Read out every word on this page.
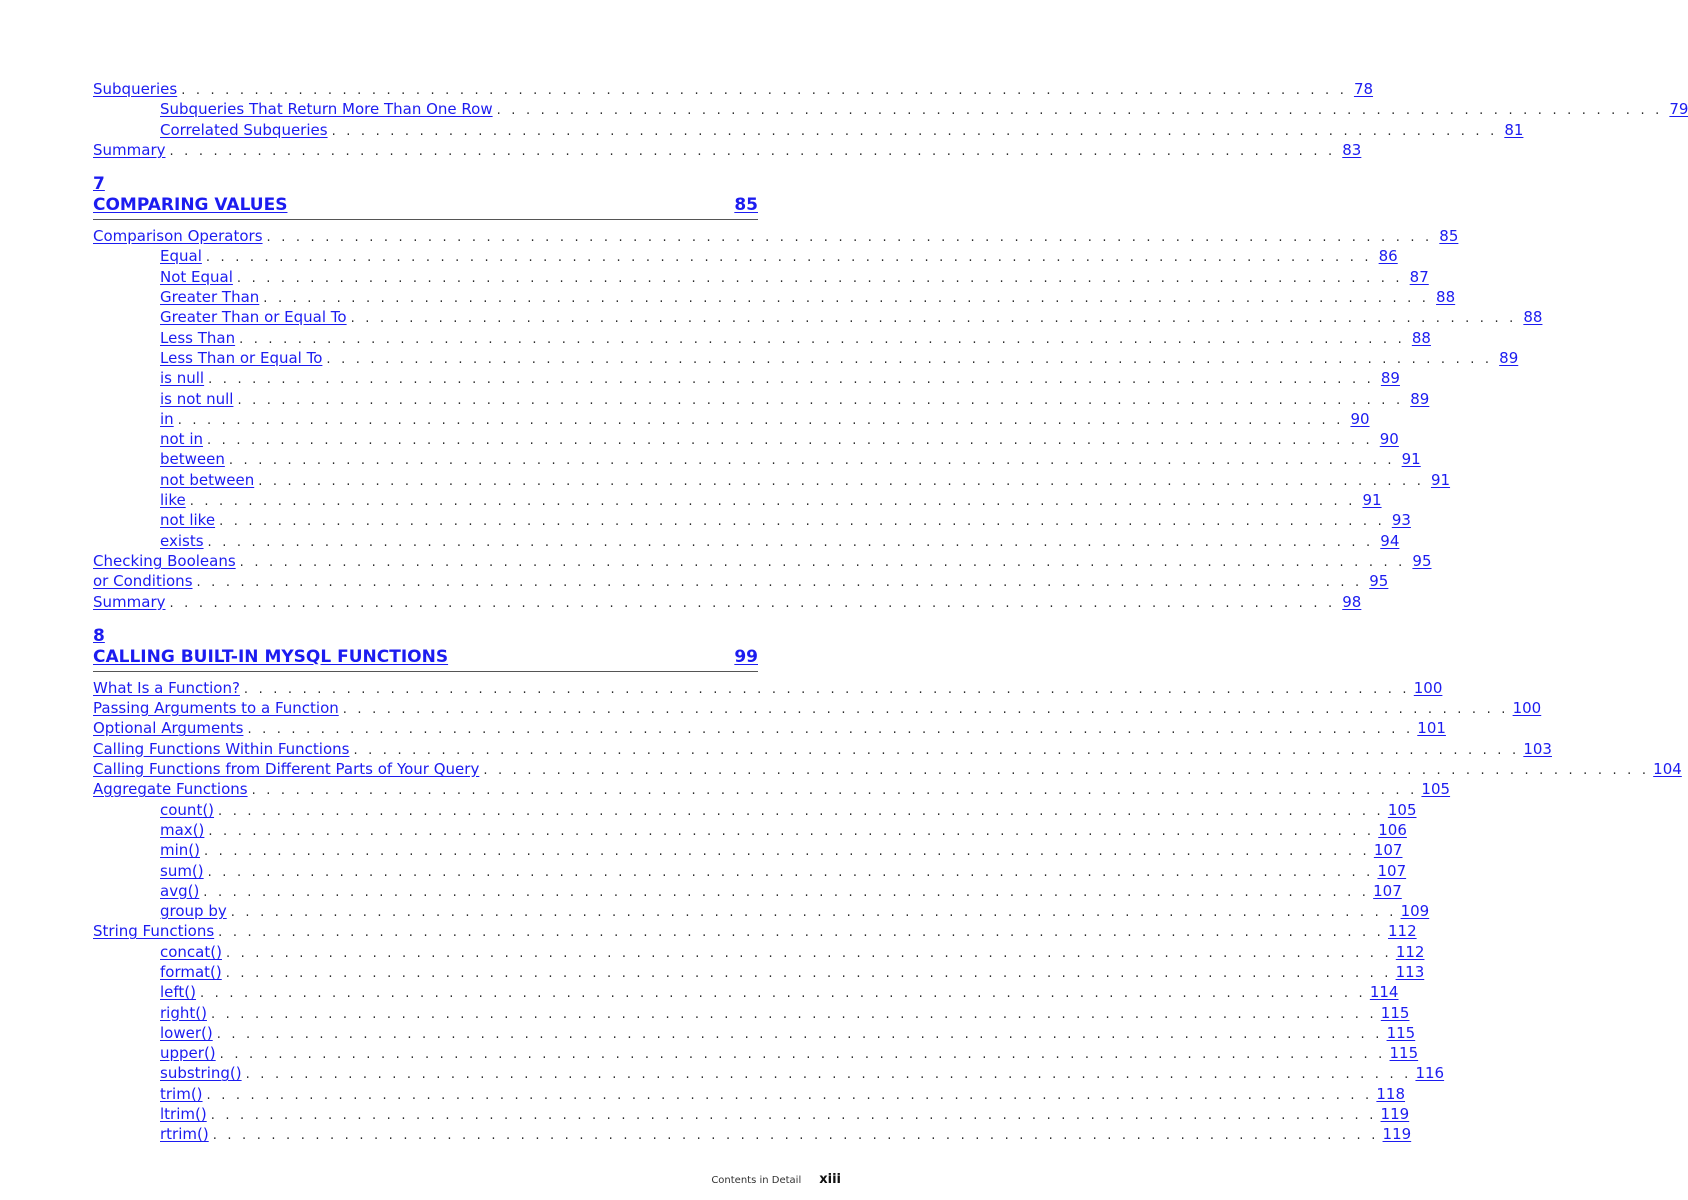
Subqueries . . . . . . . . . . . . . . . . . . . . . . . . . . . . . . . . . . . . . . . . . . . . . . . . . . . . . . . . . . . . . . . . . . . . . . . . . . . . . . . . 78
Subqueries That Return More Than One Row . . . . . . . . . . . . . . . . . . . . . . . . . . . . . . . . . . . . . . . . . . . . . . . . . . . . . . . . . . . . . . . . . . . . . . . . . . . . . . . . 79
Correlated Subqueries . . . . . . . . . . . . . . . . . . . . . . . . . . . . . . . . . . . . . . . . . . . . . . . . . . . . . . . . . . . . . . . . . . . . . . . . . . . . . . . . 81
Summary . . . . . . . . . . . . . . . . . . . . . . . . . . . . . . . . . . . . . . . . . . . . . . . . . . . . . . . . . . . . . . . . . . . . . . . . . . . . . . . . 83
7
COMPARING VALUES	85
Comparison Operators . . . . . . . . . . . . . . . . . . . . . . . . . . . . . . . . . . . . . . . . . . . . . . . . . . . . . . . . . . . . . . . . . . . . . . . . . . . . . . . . 85
Equal . . . . . . . . . . . . . . . . . . . . . . . . . . . . . . . . . . . . . . . . . . . . . . . . . . . . . . . . . . . . . . . . . . . . . . . . . . . . . . . . 86
Not Equal . . . . . . . . . . . . . . . . . . . . . . . . . . . . . . . . . . . . . . . . . . . . . . . . . . . . . . . . . . . . . . . . . . . . . . . . . . . . . . . . 87
Greater Than . . . . . . . . . . . . . . . . . . . . . . . . . . . . . . . . . . . . . . . . . . . . . . . . . . . . . . . . . . . . . . . . . . . . . . . . . . . . . . . . 88
Greater Than or Equal To . . . . . . . . . . . . . . . . . . . . . . . . . . . . . . . . . . . . . . . . . . . . . . . . . . . . . . . . . . . . . . . . . . . . . . . . . . . . . . . . 88
Less Than . . . . . . . . . . . . . . . . . . . . . . . . . . . . . . . . . . . . . . . . . . . . . . . . . . . . . . . . . . . . . . . . . . . . . . . . . . . . . . . . 88
Less Than or Equal To . . . . . . . . . . . . . . . . . . . . . . . . . . . . . . . . . . . . . . . . . . . . . . . . . . . . . . . . . . . . . . . . . . . . . . . . . . . . . . . . 89
is null . . . . . . . . . . . . . . . . . . . . . . . . . . . . . . . . . . . . . . . . . . . . . . . . . . . . . . . . . . . . . . . . . . . . . . . . . . . . . . . . 89
is not null . . . . . . . . . . . . . . . . . . . . . . . . . . . . . . . . . . . . . . . . . . . . . . . . . . . . . . . . . . . . . . . . . . . . . . . . . . . . . . . . 89
in . . . . . . . . . . . . . . . . . . . . . . . . . . . . . . . . . . . . . . . . . . . . . . . . . . . . . . . . . . . . . . . . . . . . . . . . . . . . . . . . 90
not in . . . . . . . . . . . . . . . . . . . . . . . . . . . . . . . . . . . . . . . . . . . . . . . . . . . . . . . . . . . . . . . . . . . . . . . . . . . . . . . . 90
between . . . . . . . . . . . . . . . . . . . . . . . . . . . . . . . . . . . . . . . . . . . . . . . . . . . . . . . . . . . . . . . . . . . . . . . . . . . . . . . . 91
not between . . . . . . . . . . . . . . . . . . . . . . . . . . . . . . . . . . . . . . . . . . . . . . . . . . . . . . . . . . . . . . . . . . . . . . . . . . . . . . . . 91
like . . . . . . . . . . . . . . . . . . . . . . . . . . . . . . . . . . . . . . . . . . . . . . . . . . . . . . . . . . . . . . . . . . . . . . . . . . . . . . . . 91
not like . . . . . . . . . . . . . . . . . . . . . . . . . . . . . . . . . . . . . . . . . . . . . . . . . . . . . . . . . . . . . . . . . . . . . . . . . . . . . . . . 93
exists . . . . . . . . . . . . . . . . . . . . . . . . . . . . . . . . . . . . . . . . . . . . . . . . . . . . . . . . . . . . . . . . . . . . . . . . . . . . . . . . 94
Checking Booleans . . . . . . . . . . . . . . . . . . . . . . . . . . . . . . . . . . . . . . . . . . . . . . . . . . . . . . . . . . . . . . . . . . . . . . . . . . . . . . . . 95
or Conditions . . . . . . . . . . . . . . . . . . . . . . . . . . . . . . . . . . . . . . . . . . . . . . . . . . . . . . . . . . . . . . . . . . . . . . . . . . . . . . . . 95
Summary . . . . . . . . . . . . . . . . . . . . . . . . . . . . . . . . . . . . . . . . . . . . . . . . . . . . . . . . . . . . . . . . . . . . . . . . . . . . . . . . 98
8
CALLING BUILT-IN MYSQL FUNCTIONS	99
What Is a Function? . . . . . . . . . . . . . . . . . . . . . . . . . . . . . . . . . . . . . . . . . . . . . . . . . . . . . . . . . . . . . . . . . . . . . . . . . . . . . . . . 100
Passing Arguments to a Function . . . . . . . . . . . . . . . . . . . . . . . . . . . . . . . . . . . . . . . . . . . . . . . . . . . . . . . . . . . . . . . . . . . . . . . . . . . . . . . . 100
Optional Arguments . . . . . . . . . . . . . . . . . . . . . . . . . . . . . . . . . . . . . . . . . . . . . . . . . . . . . . . . . . . . . . . . . . . . . . . . . . . . . . . . 101
Calling Functions Within Functions . . . . . . . . . . . . . . . . . . . . . . . . . . . . . . . . . . . . . . . . . . . . . . . . . . . . . . . . . . . . . . . . . . . . . . . . . . . . . . . . 103
Calling Functions from Different Parts of Your Query . . . . . . . . . . . . . . . . . . . . . . . . . . . . . . . . . . . . . . . . . . . . . . . . . . . . . . . . . . . . . . . . . . . . . . . . . . . . . . . . 104
Aggregate Functions . . . . . . . . . . . . . . . . . . . . . . . . . . . . . . . . . . . . . . . . . . . . . . . . . . . . . . . . . . . . . . . . . . . . . . . . . . . . . . . . 105
count() . . . . . . . . . . . . . . . . . . . . . . . . . . . . . . . . . . . . . . . . . . . . . . . . . . . . . . . . . . . . . . . . . . . . . . . . . . . . . . . . 105
max() . . . . . . . . . . . . . . . . . . . . . . . . . . . . . . . . . . . . . . . . . . . . . . . . . . . . . . . . . . . . . . . . . . . . . . . . . . . . . . . . 106
min() . . . . . . . . . . . . . . . . . . . . . . . . . . . . . . . . . . . . . . . . . . . . . . . . . . . . . . . . . . . . . . . . . . . . . . . . . . . . . . . . 107
sum() . . . . . . . . . . . . . . . . . . . . . . . . . . . . . . . . . . . . . . . . . . . . . . . . . . . . . . . . . . . . . . . . . . . . . . . . . . . . . . . . 107
avg() . . . . . . . . . . . . . . . . . . . . . . . . . . . . . . . . . . . . . . . . . . . . . . . . . . . . . . . . . . . . . . . . . . . . . . . . . . . . . . . . 107
group by . . . . . . . . . . . . . . . . . . . . . . . . . . . . . . . . . . . . . . . . . . . . . . . . . . . . . . . . . . . . . . . . . . . . . . . . . . . . . . . . 109
String Functions . . . . . . . . . . . . . . . . . . . . . . . . . . . . . . . . . . . . . . . . . . . . . . . . . . . . . . . . . . . . . . . . . . . . . . . . . . . . . . . . 112
concat() . . . . . . . . . . . . . . . . . . . . . . . . . . . . . . . . . . . . . . . . . . . . . . . . . . . . . . . . . . . . . . . . . . . . . . . . . . . . . . . . 112
format() . . . . . . . . . . . . . . . . . . . . . . . . . . . . . . . . . . . . . . . . . . . . . . . . . . . . . . . . . . . . . . . . . . . . . . . . . . . . . . . . 113
left() . . . . . . . . . . . . . . . . . . . . . . . . . . . . . . . . . . . . . . . . . . . . . . . . . . . . . . . . . . . . . . . . . . . . . . . . . . . . . . . . 114
right() . . . . . . . . . . . . . . . . . . . . . . . . . . . . . . . . . . . . . . . . . . . . . . . . . . . . . . . . . . . . . . . . . . . . . . . . . . . . . . . . 115
lower() . . . . . . . . . . . . . . . . . . . . . . . . . . . . . . . . . . . . . . . . . . . . . . . . . . . . . . . . . . . . . . . . . . . . . . . . . . . . . . . . 115
upper() . . . . . . . . . . . . . . . . . . . . . . . . . . . . . . . . . . . . . . . . . . . . . . . . . . . . . . . . . . . . . . . . . . . . . . . . . . . . . . . . 115
substring() . . . . . . . . . . . . . . . . . . . . . . . . . . . . . . . . . . . . . . . . . . . . . . . . . . . . . . . . . . . . . . . . . . . . . . . . . . . . . . . . 116
trim() . . . . . . . . . . . . . . . . . . . . . . . . . . . . . . . . . . . . . . . . . . . . . . . . . . . . . . . . . . . . . . . . . . . . . . . . . . . . . . . . 118
ltrim() . . . . . . . . . . . . . . . . . . . . . . . . . . . . . . . . . . . . . . . . . . . . . . . . . . . . . . . . . . . . . . . . . . . . . . . . . . . . . . . . 119
rtrim() . . . . . . . . . . . . . . . . . . . . . . . . . . . . . . . . . . . . . . . . . . . . . . . . . . . . . . . . . . . . . . . . . . . . . . . . . . . . . . . . 119
Contents in Detail xiii
